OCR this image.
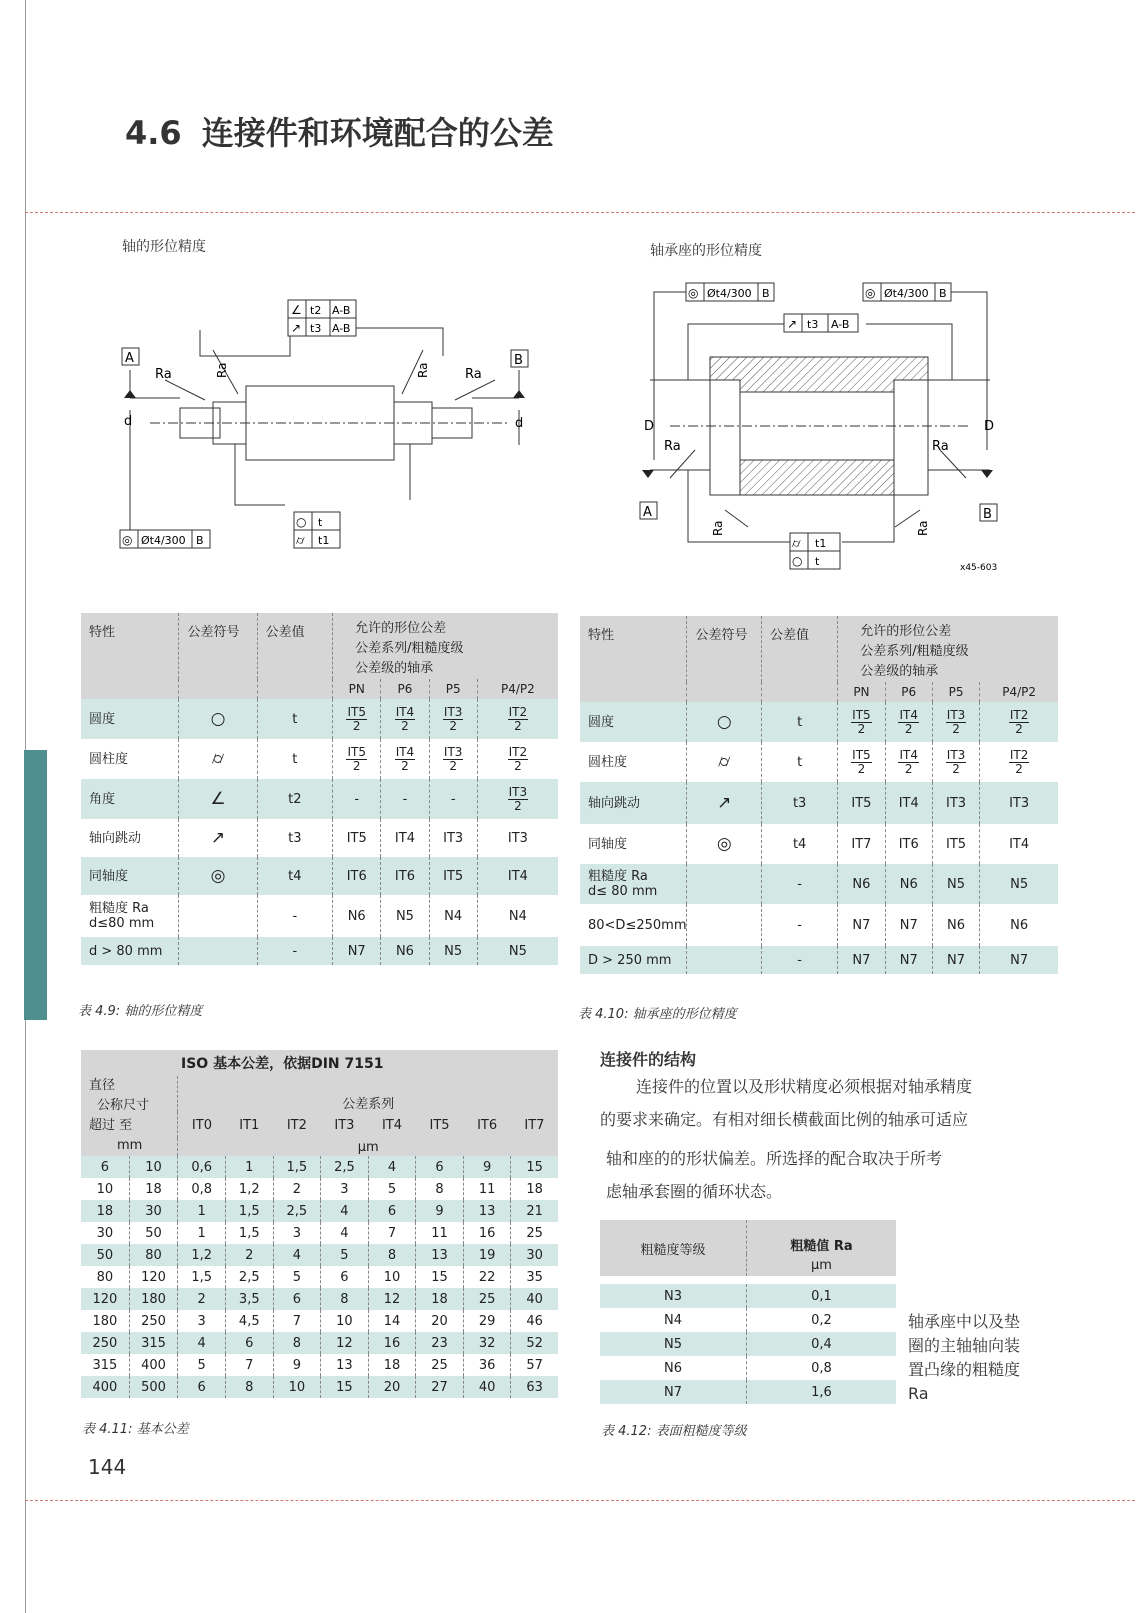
4.6 连接件和环境配合的公差
轴的形位精度	轴承座的形位精度
A	B
d	d
Ra	Ra
Ra	Ra
∠ t2 A-B
↗ t3 A-B
○ t
⌭ t1
◎ Øt4/300 B
D	D
Ra	Ra
Ra	Ra
A	B
◎ Øt4/300 B	◎ Øt4/300 B
↗ t3 A-B
⌭ t1
○ t	x45-603
特性	公差符号	公差值	允许的形位公差
公差系列/粗糙度级
公差级的轴承			

			PN	P6	P5	P4/P2
圆度	○	t	$\frac{IT5}{2}$	$\frac{IT4}{2}$	$\frac{IT3}{2}$	$\frac{IT2}{2}$

圆柱度	⌭	t	$\frac{IT5}{2}$	$\frac{IT4}{2}$	$\frac{IT3}{2}$	$\frac{IT2}{2}$

角度	∠	t2	-	-	-	$\frac{IT3}{2}$

轴向跳动	↗	t3	IT5	IT4	IT3	IT3
同轴度	◎	t4	IT6	IT6	IT5	IT4
粗糙度 Ra
d≤80 mm		-	N6	N5	N4	N4
d > 80 mm		-	N7	N6	N5	N5
表 4.9: 轴的形位精度
特性	公差符号	公差值	允许的形位公差
公差系列/粗糙度级
公差级的轴承			

			PN	P6	P5	P4/P2
圆度	○	t	$\frac{IT5}{2}$	$\frac{IT4}{2}$	$\frac{IT3}{2}$	$\frac{IT2}{2}$

圆柱度	⌭	t	$\frac{IT5}{2}$	$\frac{IT4}{2}$	$\frac{IT3}{2}$	$\frac{IT2}{2}$

轴向跳动	↗	t3	IT5	IT4	IT3	IT3
同轴度	◎	t4	IT7	IT6	IT5	IT4
粗糙度 Ra
d≤ 80 mm		-	N6	N6	N5	N5
80<D≤250mm		-	N7	N7	N6	N6
D > 250 mm		-	N7	N7	N7	N7
表 4.10: 轴承座的形位精度
ISO 基本公差，依据DIN 7151									

直径
公称尺寸
超过 至
mm		公差系列							
		IT0	IT1	IT2	IT3	IT4	IT5	IT6	IT7
		μm							
6	10	0,6	1	1,5	2,5	4	6	9	15
10	18	0,8	1,2	2	3	5	8	11	18
18	30	1	1,5	2,5	4	6	9	13	21
30	50	1	1,5	3	4	7	11	16	25
50	80	1,2	2	4	5	8	13	19	30
80	120	1,5	2,5	5	6	10	15	22	35
120	180	2	3,5	6	8	12	18	25	40
180	250	3	4,5	7	10	14	20	29	46
250	315	4	6	8	12	16	23	32	52
315	400	5	7	9	13	18	25	36	57
400	500	6	8	10	15	20	27	40	63
表 4.11: 基本公差
连接件的结构
连接件的位置以及形状精度必须根据对轴承精度
的要求来确定。有相对细长横截面比例的轴承可适应
轴和座的的形状偏差。所选择的配合取决于所考
虑轴承套圈的循环状态。
粗糙度等级	粗糙值 Ra
	μm

N3	0,1
N4	0,2
N5	0,4
N6	0,8
N7	1,6
表 4.12: 表面粗糙度等级
轴承座中以及垫
圈的主轴轴向装
置凸缘的粗糙度
Ra
144
